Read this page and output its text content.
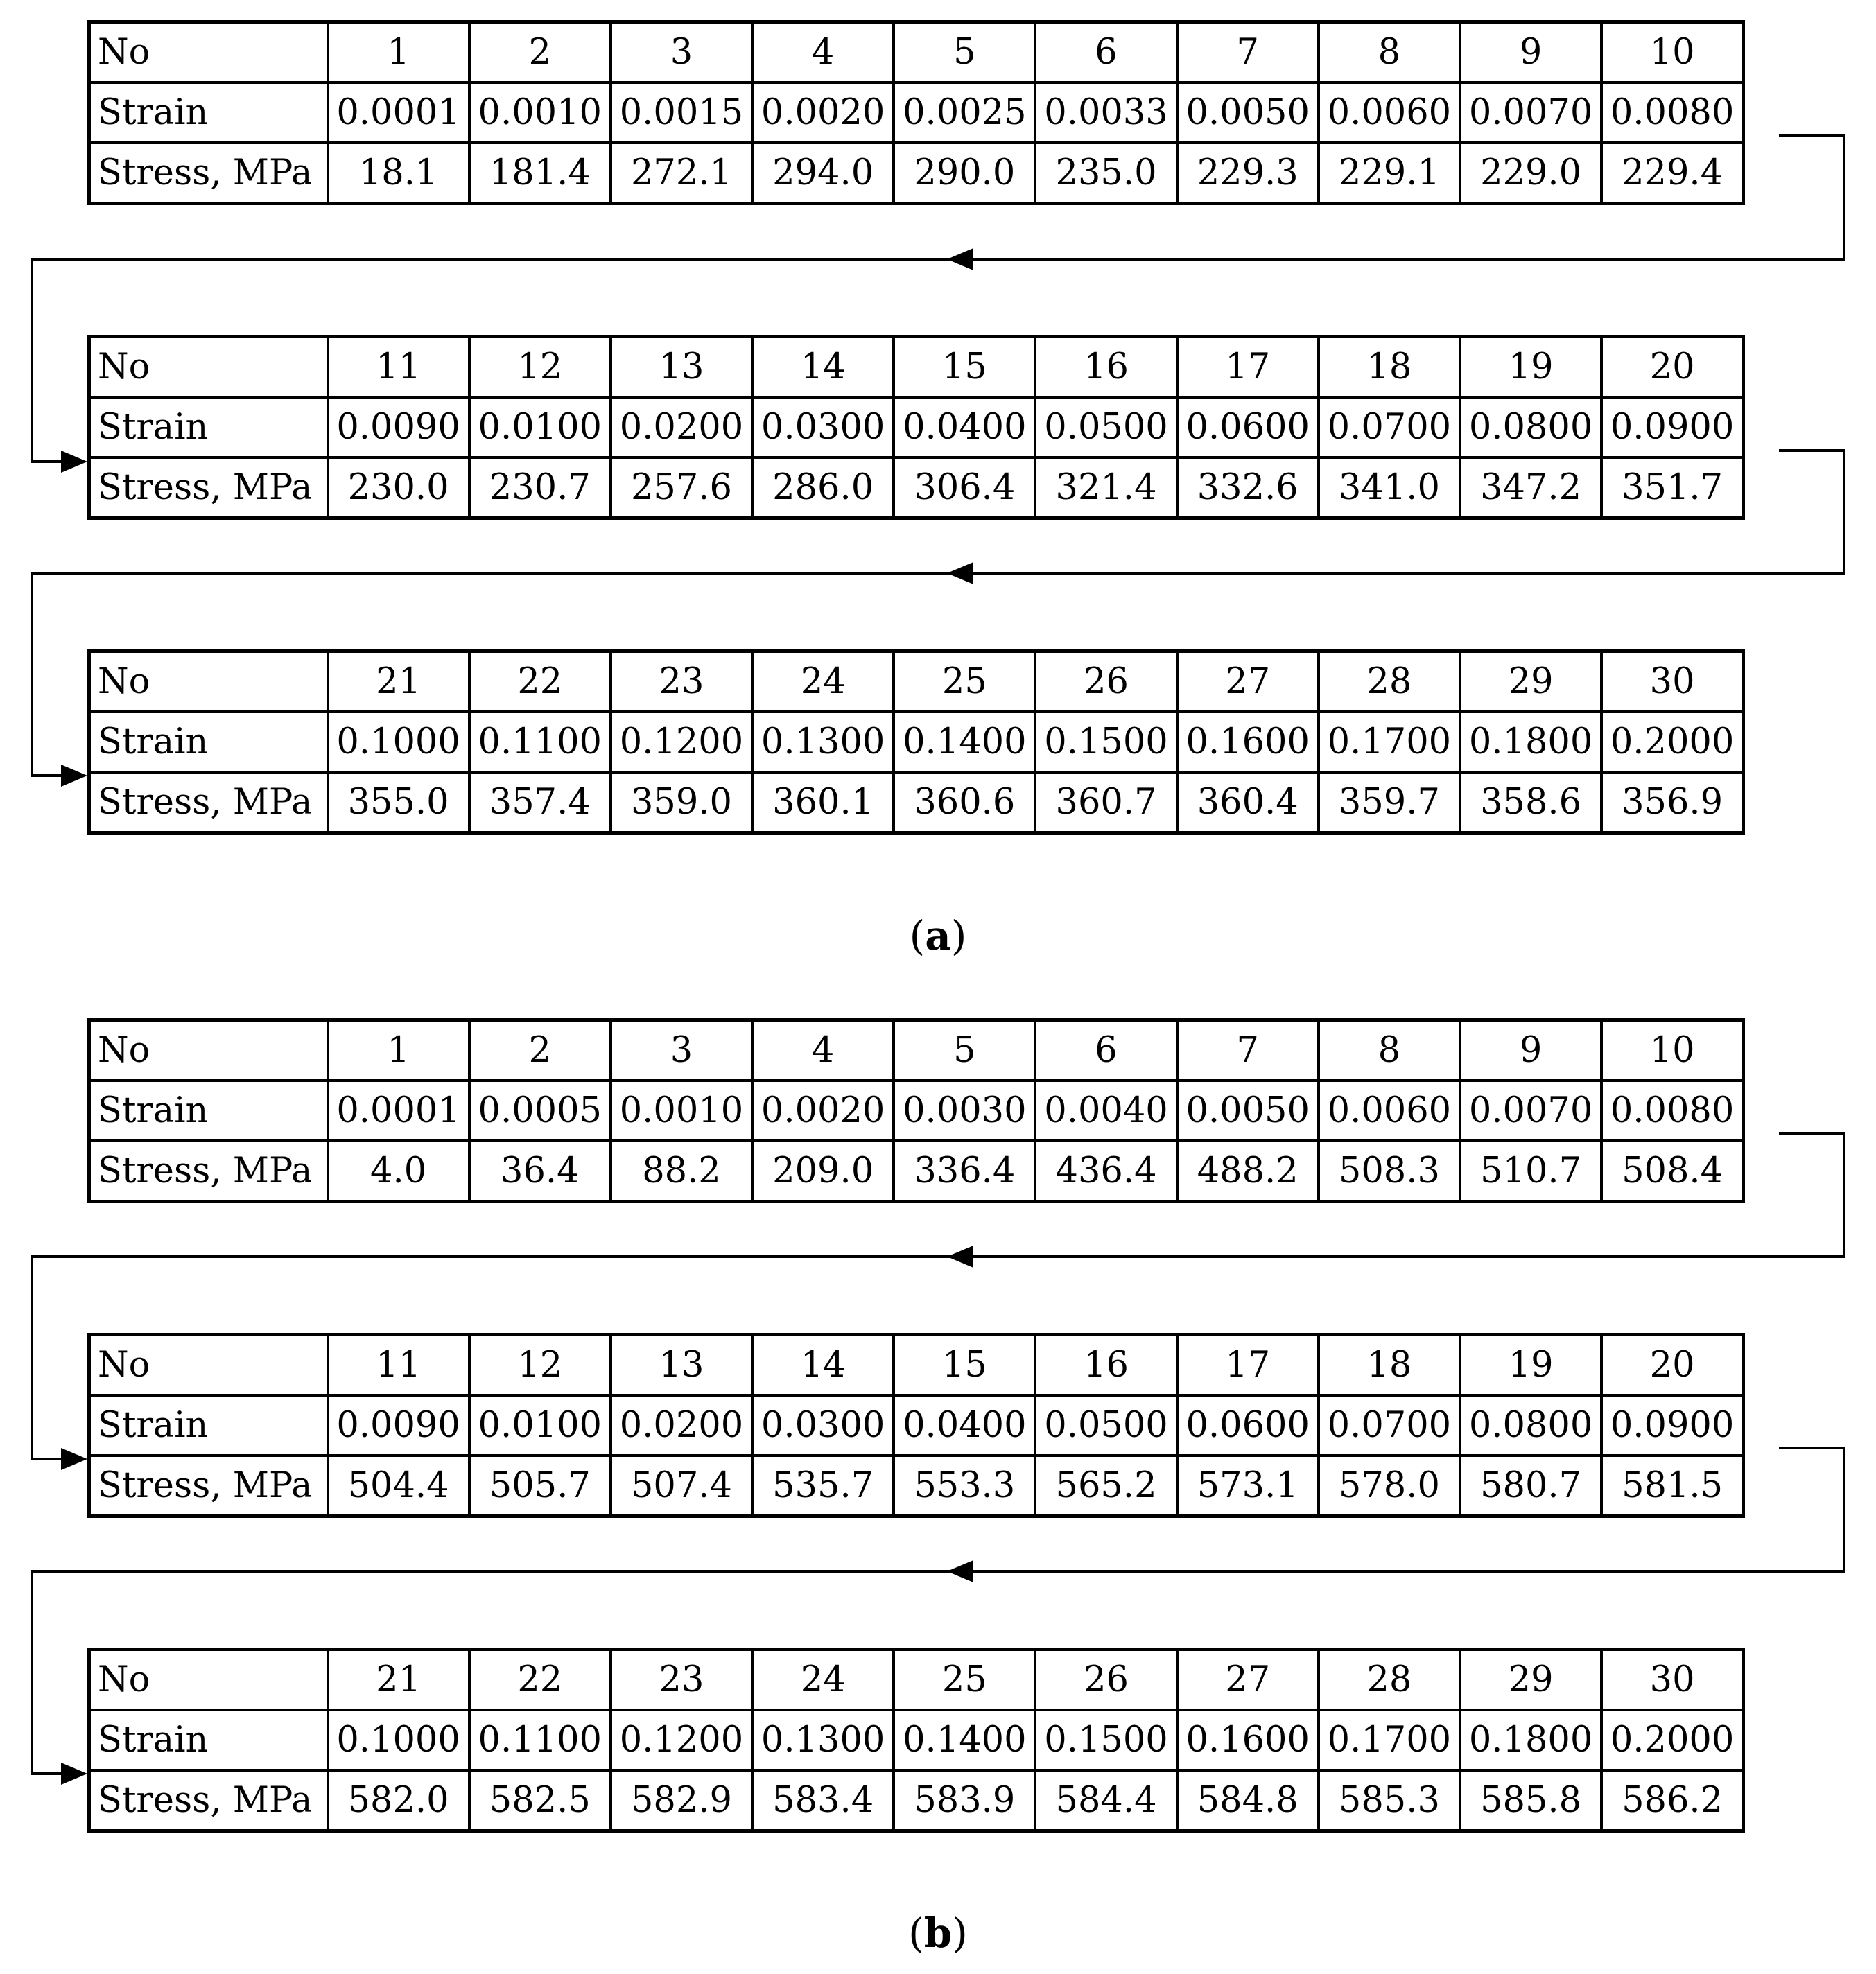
No	1	2	3	4	5	6	7	8	9	10
Strain	0.0001	0.0010	0.0015	0.0020	0.0025	0.0033	0.0050	0.0060	0.0070	0.0080
Stress, MPa	18.1	181.4	272.1	294.0	290.0	235.0	229.3	229.1	229.0	229.4
No	11	12	13	14	15	16	17	18	19	20
Strain	0.0090	0.0100	0.0200	0.0300	0.0400	0.0500	0.0600	0.0700	0.0800	0.0900
Stress, MPa	230.0	230.7	257.6	286.0	306.4	321.4	332.6	341.0	347.2	351.7
No	21	22	23	24	25	26	27	28	29	30
Strain	0.1000	0.1100	0.1200	0.1300	0.1400	0.1500	0.1600	0.1700	0.1800	0.2000
Stress, MPa	355.0	357.4	359.0	360.1	360.6	360.7	360.4	359.7	358.6	356.9
(a)
No	1	2	3	4	5	6	7	8	9	10
Strain	0.0001	0.0005	0.0010	0.0020	0.0030	0.0040	0.0050	0.0060	0.0070	0.0080
Stress, MPa	4.0	36.4	88.2	209.0	336.4	436.4	488.2	508.3	510.7	508.4
No	11	12	13	14	15	16	17	18	19	20
Strain	0.0090	0.0100	0.0200	0.0300	0.0400	0.0500	0.0600	0.0700	0.0800	0.0900
Stress, MPa	504.4	505.7	507.4	535.7	553.3	565.2	573.1	578.0	580.7	581.5
No	21	22	23	24	25	26	27	28	29	30
Strain	0.1000	0.1100	0.1200	0.1300	0.1400	0.1500	0.1600	0.1700	0.1800	0.2000
Stress, MPa	582.0	582.5	582.9	583.4	583.9	584.4	584.8	585.3	585.8	586.2
(b)
